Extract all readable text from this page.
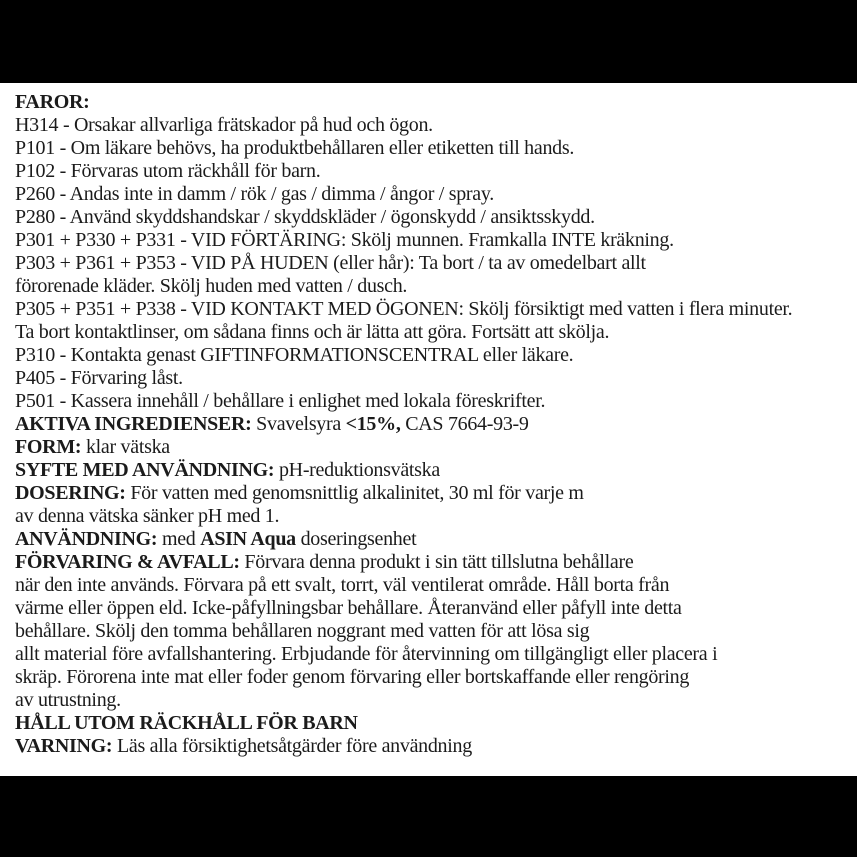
FAROR:
H314 - Orsakar allvarliga frätskador på hud och ögon.
P101 - Om läkare behövs, ha produktbehållaren eller etiketten till hands.
P102 - Förvaras utom räckhåll för barn.
P260 - Andas inte in damm / rök / gas / dimma / ångor / spray.
P280 - Använd skyddshandskar / skyddskläder / ögonskydd / ansiktsskydd.
P301 + P330 + P331 - VID FÖRTÄRING: Skölj munnen. Framkalla INTE kräkning.
P303 + P361 + P353 - VID PÅ HUDEN (eller hår): Ta bort / ta av omedelbart allt
förorenade kläder. Skölj huden med vatten / dusch.
P305 + P351 + P338 - VID KONTAKT MED ÖGONEN: Skölj försiktigt med vatten i flera minuter.
Ta bort kontaktlinser, om sådana finns och är lätta att göra. Fortsätt att skölja.
P310 - Kontakta genast GIFTINFORMATIONSCENTRAL eller läkare.
P405 - Förvaring låst.
P501 - Kassera innehåll / behållare i enlighet med lokala föreskrifter.
AKTIVA INGREDIENSER: Svavelsyra <15%, CAS 7664-93-9
FORM: klar vätska
SYFTE MED ANVÄNDNING: pH-reduktionsvätska
DOSERING: För vatten med genomsnittlig alkalinitet, 30 ml för varje m
av denna vätska sänker pH med 1.
ANVÄNDNING: med ASIN Aqua doseringsenhet
FÖRVARING & AVFALL: Förvara denna produkt i sin tätt tillslutna behållare
när den inte används. Förvara på ett svalt, torrt, väl ventilerat område. Håll borta från
värme eller öppen eld. Icke-påfyllningsbar behållare. Återanvänd eller påfyll inte detta
behållare. Skölj den tomma behållaren noggrant med vatten för att lösa sig
allt material före avfallshantering. Erbjudande för återvinning om tillgängligt eller placera i
skräp. Förorena inte mat eller foder genom förvaring eller bortskaffande eller rengöring
av utrustning.
HÅLL UTOM RÄCKHÅLL FÖR BARN
VARNING: Läs alla försiktighetsåtgärder före användning
